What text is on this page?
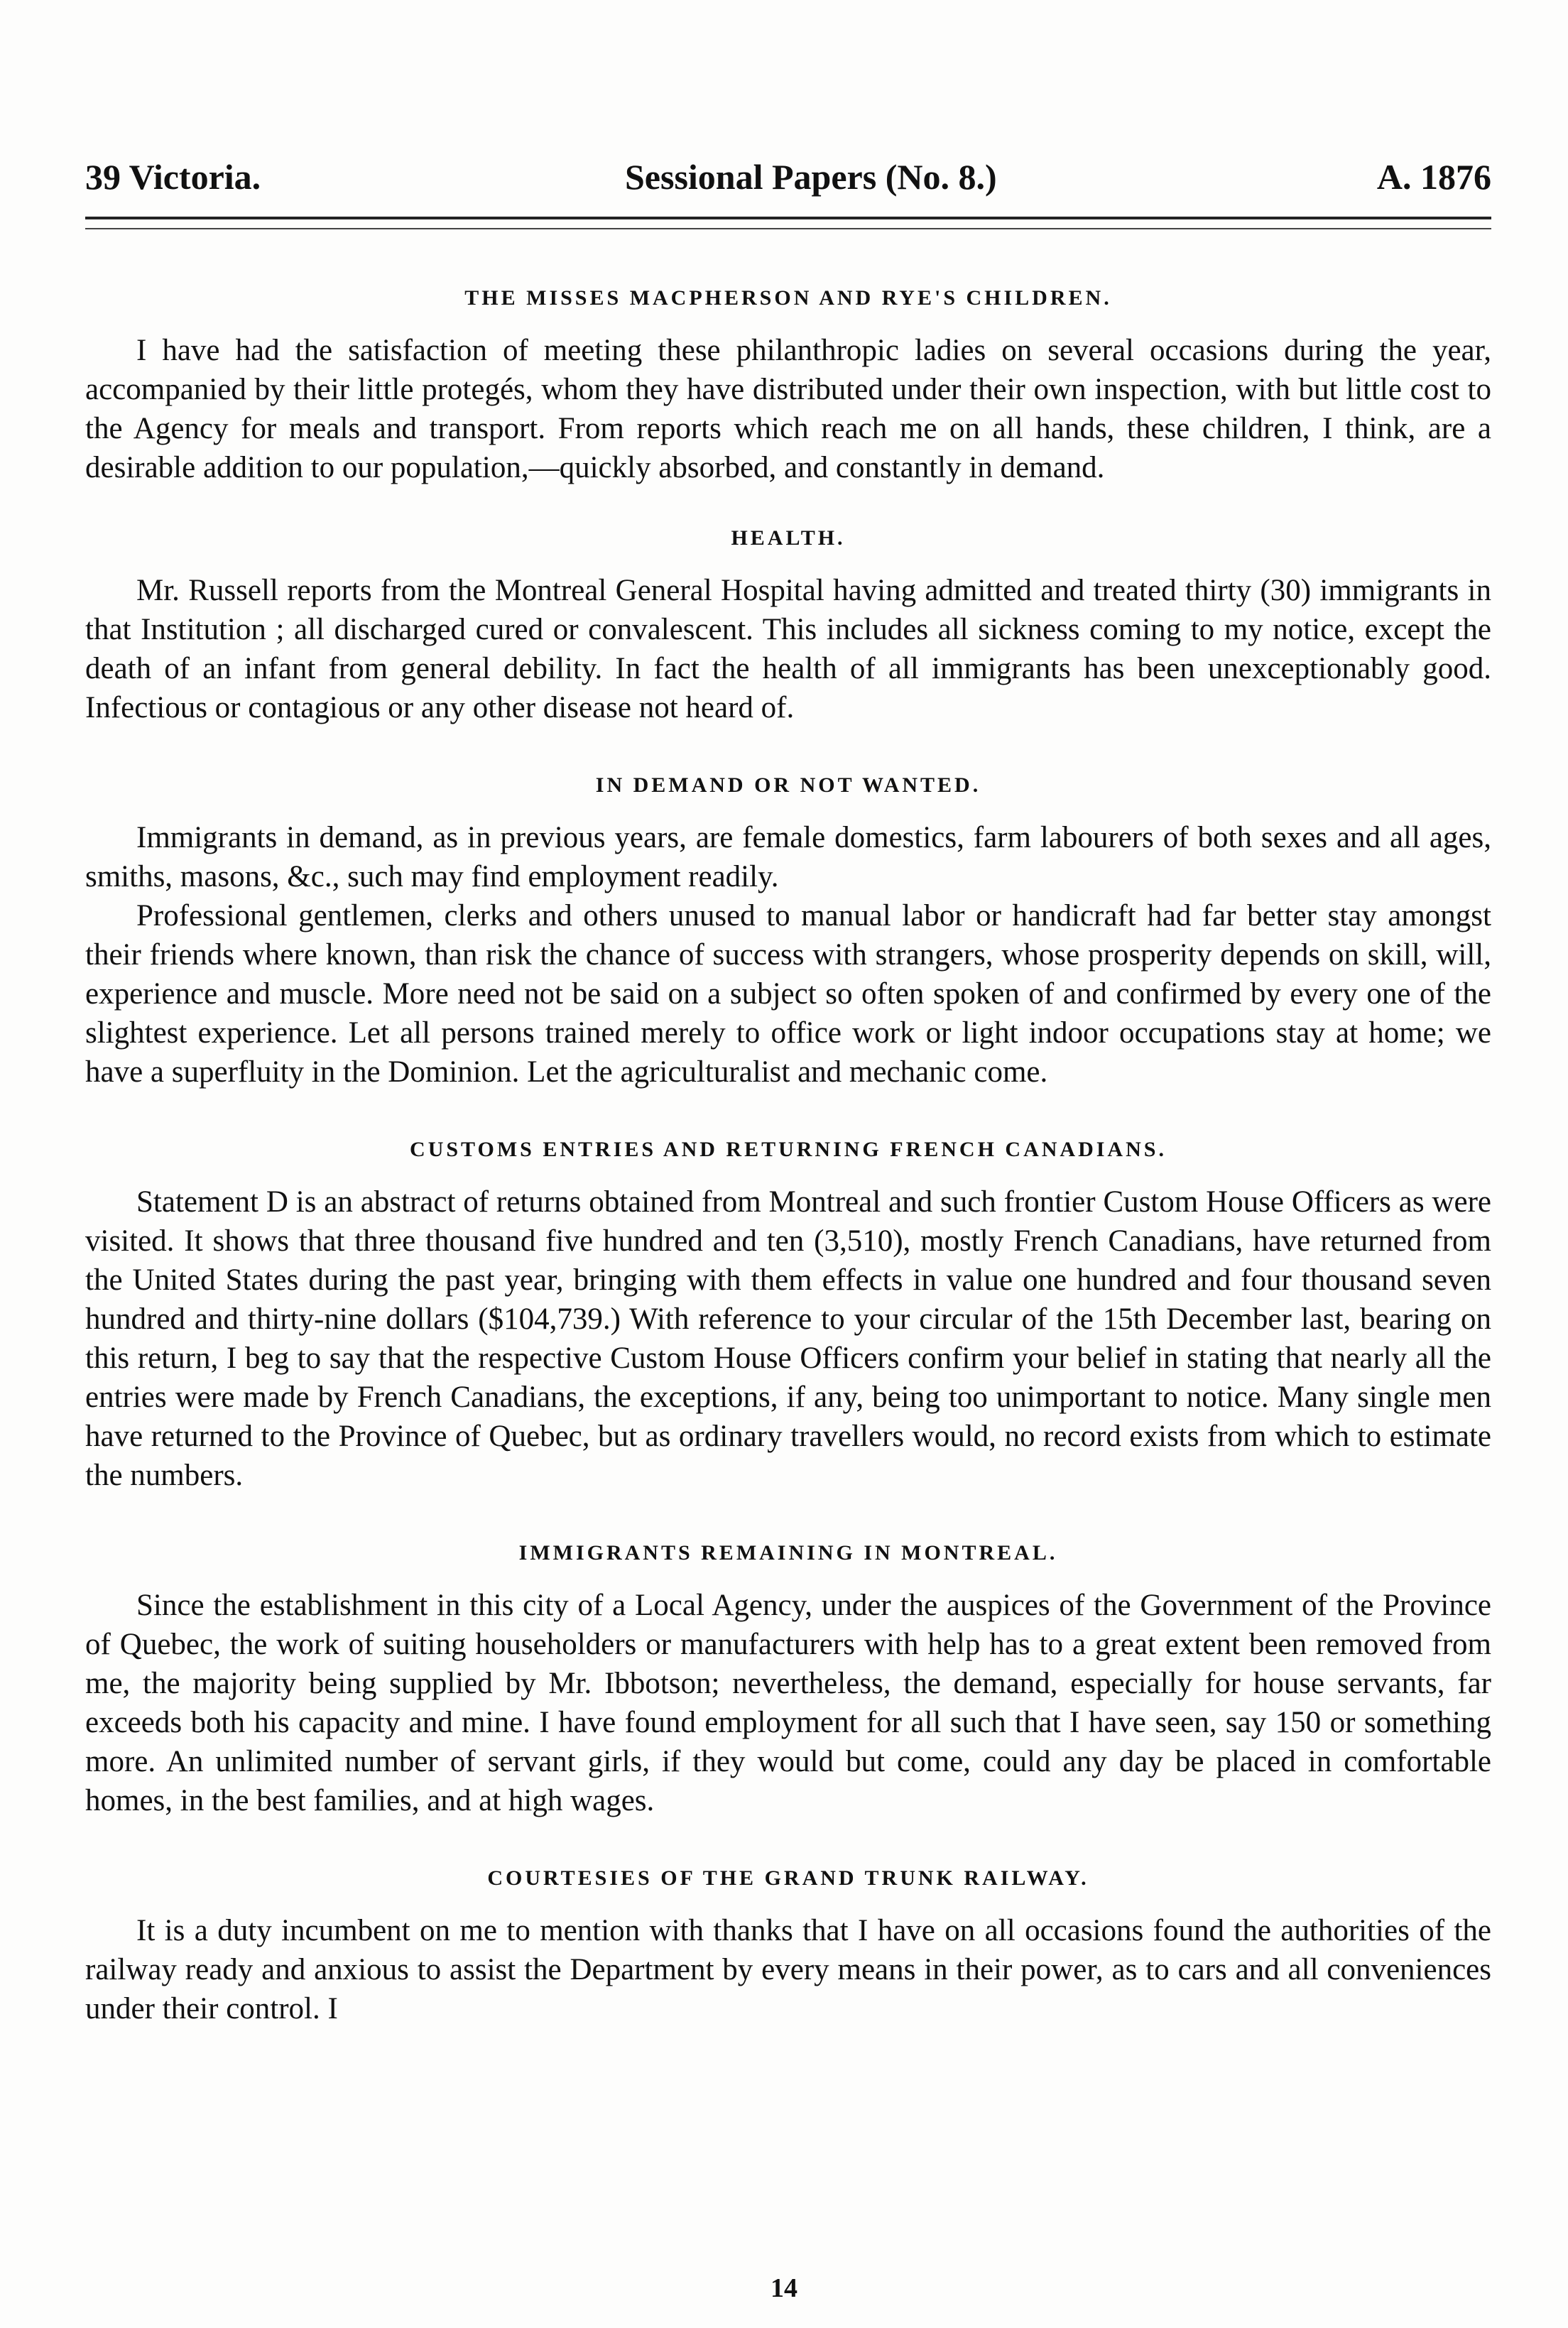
39 Victoria.	Sessional Papers (No. 8.)	A. 1876
THE MISSES MACPHERSON AND RYE'S CHILDREN.

I have had the satisfaction of meeting these philanthropic ladies on several occasions during the year, accompanied by their little protegés, whom they have distributed under their own inspection, with but little cost to the Agency for meals and transport. From reports which reach me on all hands, these children, I think, are a desirable addition to our population,—quickly absorbed, and constantly in demand.

HEALTH.

Mr. Russell reports from the Montreal General Hospital having admitted and treated thirty (30) immigrants in that Institution ; all discharged cured or convalescent. This includes all sickness coming to my notice, except the death of an infant from general debility. In fact the health of all immigrants has been unexceptionably good. Infectious or contagious or any other disease not heard of.

IN DEMAND OR NOT WANTED.

Immigrants in demand, as in previous years, are female domestics, farm labourers of both sexes and all ages, smiths, masons, &c., such may find employment readily.

Professional gentlemen, clerks and others unused to manual labor or handicraft had far better stay amongst their friends where known, than risk the chance of success with strangers, whose prosperity depends on skill, will, experience and muscle. More need not be said on a subject so often spoken of and confirmed by every one of the slightest experience. Let all persons trained merely to office work or light indoor occupations stay at home; we have a superfluity in the Dominion. Let the agriculturalist and mechanic come.

CUSTOMS ENTRIES AND RETURNING FRENCH CANADIANS.

Statement D is an abstract of returns obtained from Montreal and such frontier Custom House Officers as were visited. It shows that three thousand five hundred and ten (3,510), mostly French Canadians, have returned from the United States during the past year, bringing with them effects in value one hundred and four thousand seven hundred and thirty-nine dollars ($104,739.) With reference to your circular of the 15th December last, bearing on this return, I beg to say that the respective Custom House Officers confirm your belief in stating that nearly all the entries were made by French Canadians, the exceptions, if any, being too unimportant to notice. Many single men have returned to the Province of Quebec, but as ordinary travellers would, no record exists from which to estimate the numbers.

IMMIGRANTS REMAINING IN MONTREAL.

Since the establishment in this city of a Local Agency, under the auspices of the Government of the Province of Quebec, the work of suiting householders or manufacturers with help has to a great extent been removed from me, the majority being supplied by Mr. Ibbotson; nevertheless, the demand, especially for house servants, far exceeds both his capacity and mine. I have found employment for all such that I have seen, say 150 or something more. An unlimited number of servant girls, if they would but come, could any day be placed in comfortable homes, in the best families, and at high wages.

COURTESIES OF THE GRAND TRUNK RAILWAY.

It is a duty incumbent on me to mention with thanks that I have on all occasions found the authorities of the railway ready and anxious to assist the Department by every means in their power, as to cars and all conveniences under their control. I

14
